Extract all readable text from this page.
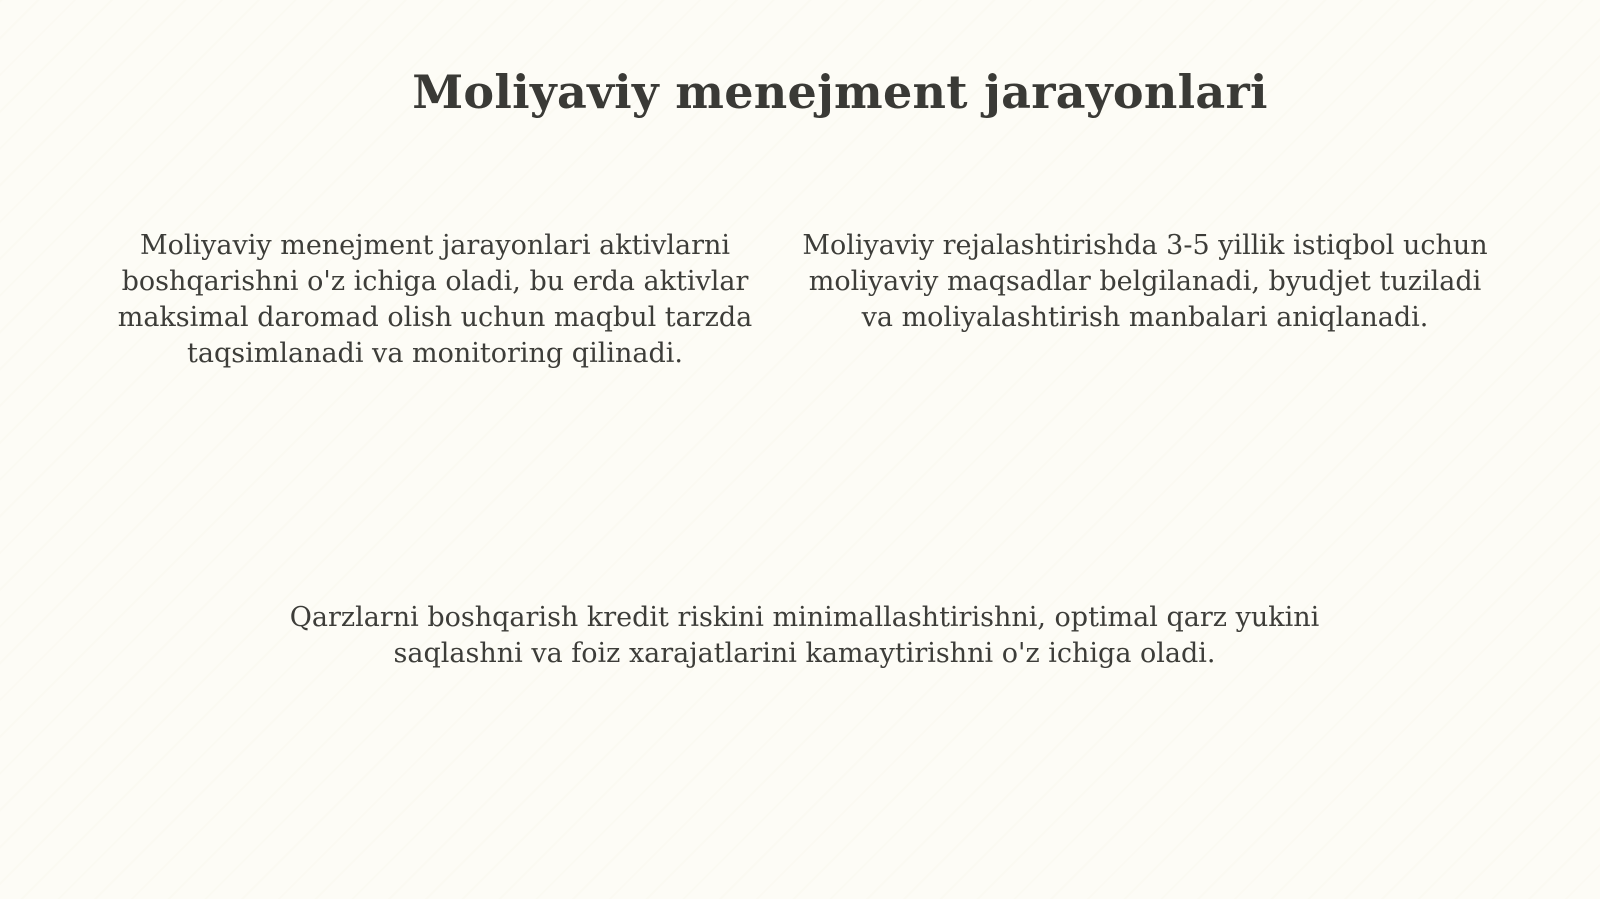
Moliyaviy menejment jarayonlari

Moliyaviy menejment jarayonlari aktivlarni boshqarishni o'z ichiga oladi, bu erda aktivlar maksimal daromad olish uchun maqbul tarzda taqsimlanadi va monitoring qilinadi.

Moliyaviy rejalashtirishda 3-5 yillik istiqbol uchun moliyaviy maqsadlar belgilanadi, byudjet tuziladi va moliyalashtirish manbalari aniqlanadi.

Qarzlarni boshqarish kredit riskini minimallashtirishni, optimal qarz yukini saqlashni va foiz xarajatlarini kamaytirishni o'z ichiga oladi.
